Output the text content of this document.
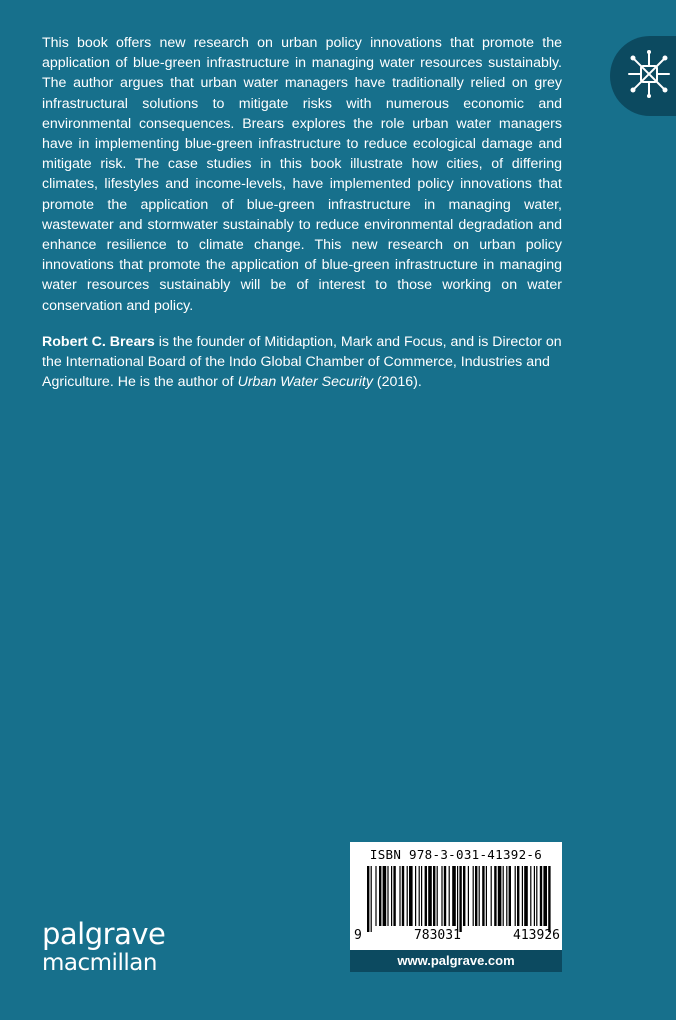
This book offers new research on urban policy innovations that promote the application of blue-green infrastructure in managing water resources sustainably. The author argues that urban water managers have traditionally relied on grey infrastructural solutions to mitigate risks with numerous economic and environmental consequences. Brears explores the role urban water managers have in implementing blue-green infrastructure to reduce ecological damage and mitigate risk. The case studies in this book illustrate how cities, of differing climates, lifestyles and income-levels, have implemented policy innovations that promote the application of blue-green infrastructure in managing water, wastewater and stormwater sustainably to reduce environmental degradation and enhance resilience to climate change. This new research on urban policy innovations that promote the application of blue-green infrastructure in managing water resources sustainably will be of interest to those working on water conservation and policy.

Robert C. Brears is the founder of Mitidaption, Mark and Focus, and is Director on the International Board of the Indo Global Chamber of Commerce, Industries and Agriculture. He is the author of Urban Water Security (2016).

palgrave
macmillan
ISBN 978-3-031-41392-6
9	783031	413926
www.palgrave.com
